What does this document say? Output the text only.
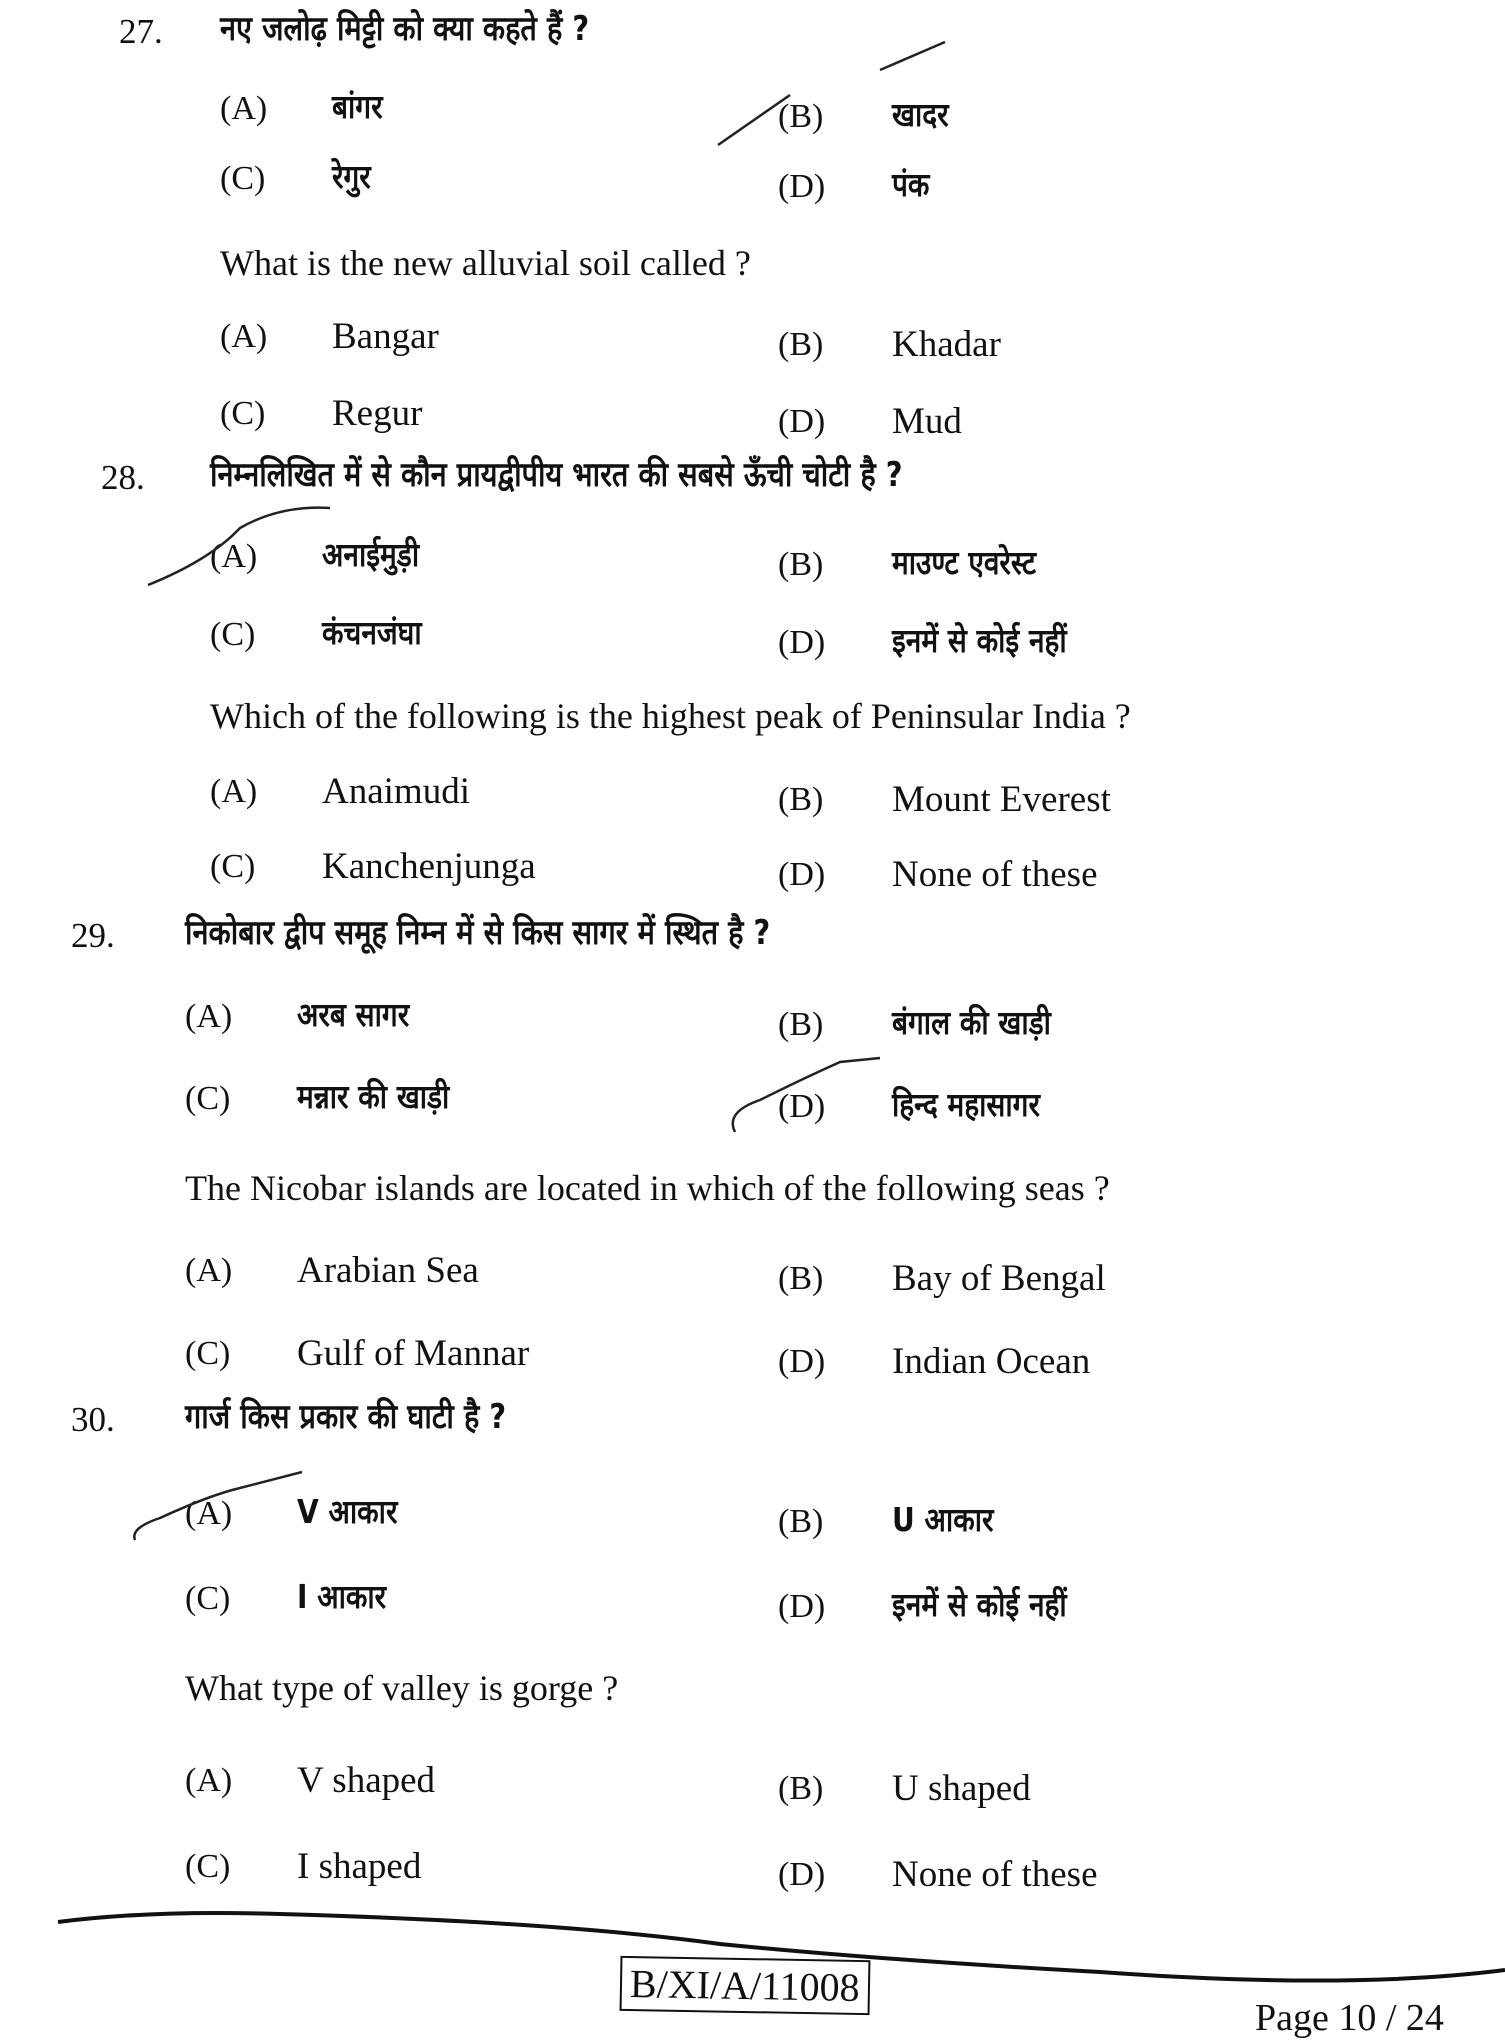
27. नए जलोढ़ मिट्टी को क्या कहते हैं ?
What is the new alluvial soil called ?
(A) बांगर	(B) खादर
(C) रेगुर	(D) पंक
(A) Bangar	(B) Khadar
(C) Regur	(D) Mud
28. निम्नलिखित में से कौन प्रायद्वीपीय भारत की सबसे ऊँची चोटी है ?
Which of the following is the highest peak of Peninsular India ?
(A) अनाईमुड़ी	(B) माउण्ट एवरेस्ट
(C) कंचनजंघा	(D) इनमें से कोई नहीं
(A) Anaimudi	(B) Mount Everest
(C) Kanchenjunga	(D) None of these
29. निकोबार द्वीप समूह निम्न में से किस सागर में स्थित है ?
The Nicobar islands are located in which of the following seas ?
(A) अरब सागर	(B) बंगाल की खाड़ी
(C) मन्नार की खाड़ी	(D) हिन्द महासागर
(A) Arabian Sea	(B) Bay of Bengal
(C) Gulf of Mannar	(D) Indian Ocean
30. गार्ज किस प्रकार की घाटी है ?
What type of valley is gorge ?
(A) V आकार	(B) U आकार
(C) I आकार	(D) इनमें से कोई नहीं
(A) V shaped	(B) U shaped
(C) I shaped	(D) None of these
B/XI/A/11008
Page 10 / 24
